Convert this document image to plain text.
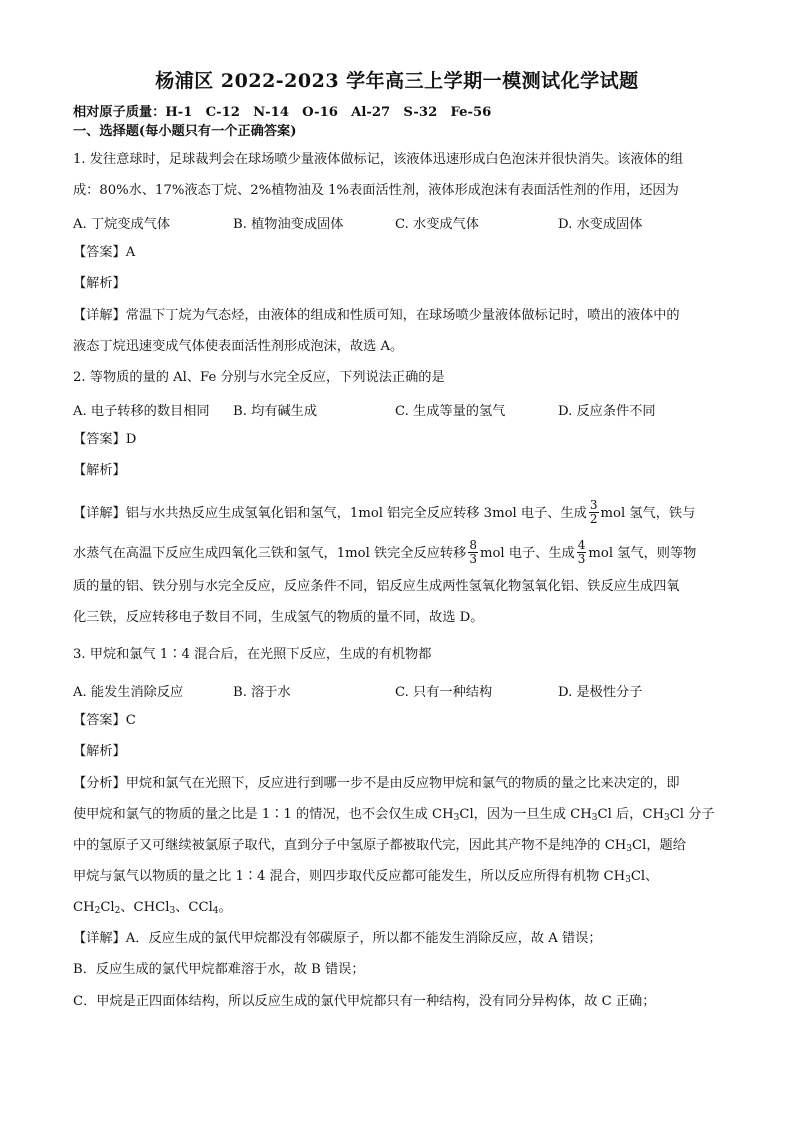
杨浦区 2022-2023 学年高三上学期一模测试化学试题
相对原子质量：H-1　C-12　N-14　O-16　Al-27　S-32　Fe-56
一、选择题(每小题只有一个正确答案)
1. 发往意球时，足球裁判会在球场喷少量液体做标记，该液体迅速形成白色泡沫并很快消失。该液体的组
成：80%水、17%液态丁烷、2%植物油及 1%表面活性剂，液体形成泡沫有表面活性剂的作用，还因为
A. 丁烷变成气体	B. 植物油变成固体	C. 水变成气体	D. 水变成固体
【答案】A
【解析】
【详解】常温下丁烷为气态烃，由液体的组成和性质可知，在球场喷少量液体做标记时，喷出的液体中的
液态丁烷迅速变成气体使表面活性剂形成泡沫，故选 A。
2. 等物质的量的 Al、Fe 分别与水完全反应，下列说法正确的是
A. 电子转移的数目相同 B. 均有碱生成	C. 生成等量的氢气	D. 反应条件不同
【答案】D
【解析】
【详解】铝与水共热反应生成氢氧化铝和氢气，1mol 铝完全反应转移 3mol 电子、生成 $\frac{3}{2}$ mol 氢气，铁与
水蒸气在高温下反应生成四氧化三铁和氢气，1mol 铁完全反应转移 $\frac{8}{3}$ mol 电子、生成 $\frac{4}{3}$ mol 氢气，则等物
质的量的铝、铁分别与水完全反应，反应条件不同，铝反应生成两性氢氧化物氢氧化铝、铁反应生成四氧
化三铁，反应转移电子数目不同，生成氢气的物质的量不同，故选 D。
3. 甲烷和氯气 1∶4 混合后，在光照下反应，生成的有机物都
A. 能发生消除反应	B. 溶于水	C. 只有一种结构	D. 是极性分子
【答案】C
【解析】
【分析】甲烷和氯气在光照下，反应进行到哪一步不是由反应物甲烷和氯气的物质的量之比来决定的，即
使甲烷和氯气的物质的量之比是 1∶1 的情况，也不会仅生成 $CH_3Cl$，因为一旦生成 $CH_3Cl$ 后，$CH_3Cl$ 分子
中的氢原子又可继续被氯原子取代，直到分子中氢原子都被取代完，因此其产物不是纯净的 $CH_3Cl$，题给
甲烷与氯气以物质的量之比 1∶4 混合，则四步取代反应都可能发生，所以反应所得有机物 $CH_3Cl$、
$CH_2Cl_2$、CHCl$_3$、CCl$_4$。
【详解】A．反应生成的氯代甲烷都没有邻碳原子，所以都不能发生消除反应，故 A 错误；
B．反应生成的氯代甲烷都难溶于水，故 B 错误；
C．甲烷是正四面体结构，所以反应生成的氯代甲烷都只有一种结构，没有同分异构体，故 C 正确；
